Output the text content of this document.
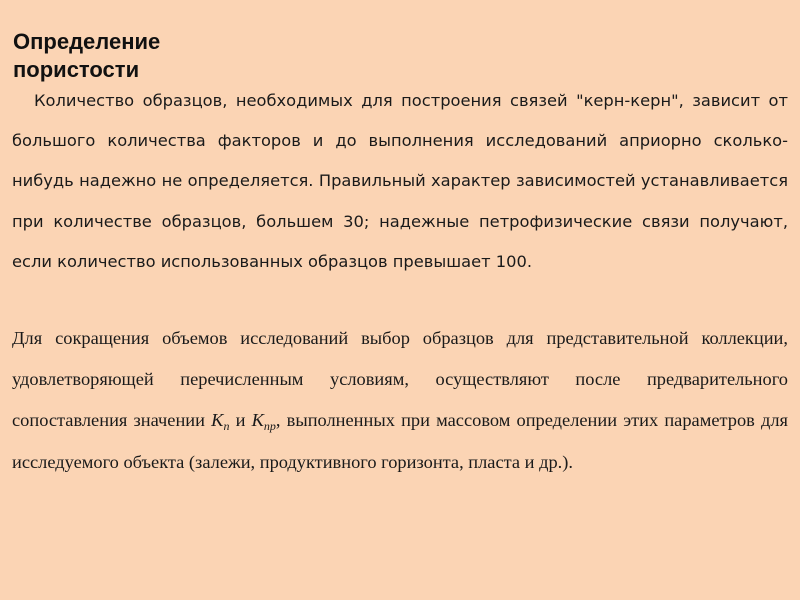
Определение пористости

Количество образцов, необходимых для построения связей "керн-керн", зависит от большого количества факторов и до выполнения исследований априорно сколько-нибудь надежно не определяется. Правильный характер зависимостей устанавливается при количестве образцов, большем 30; надежные петрофизические связи получают, если количество использованных образцов превышает 100.

Для сокращения объемов исследований выбор образцов для представительной коллекции, удовлетворяющей перечисленным условиям, осуществляют после предварительного сопоставления значении $K_п$ и $K_{пр}$, выполненных при массовом определении этих параметров для исследуемого объекта (залежи, продуктивного горизонта, пласта и др.).
